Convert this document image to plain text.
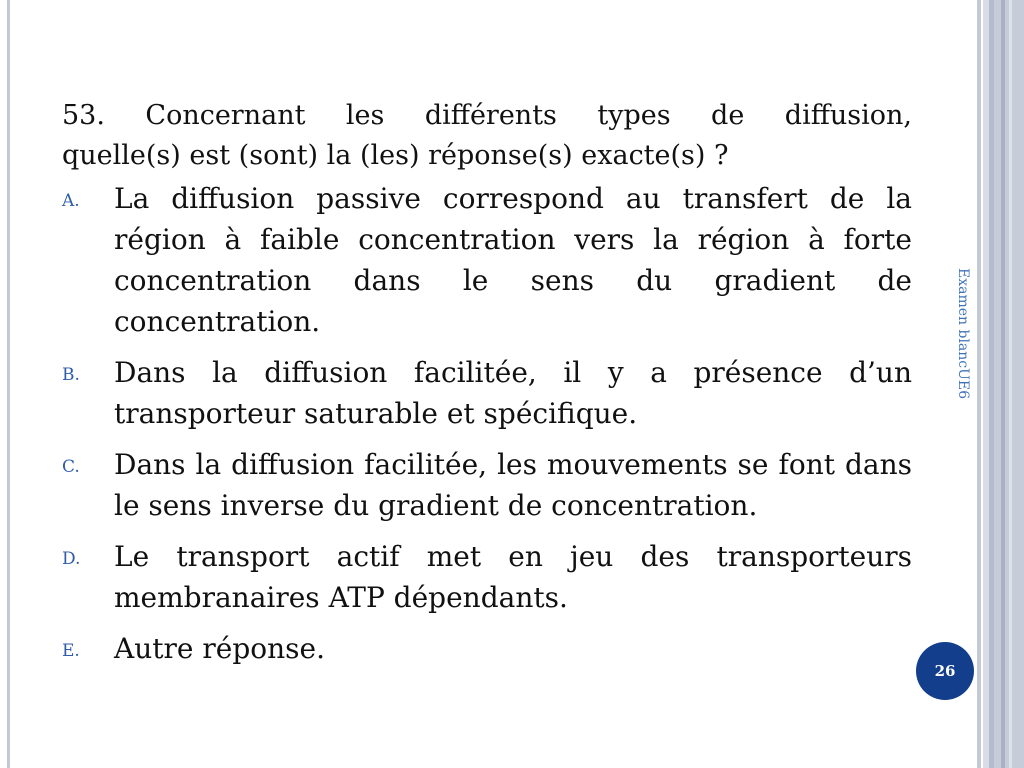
53. Concernant les différents types de diffusion,
quelle(s) est (sont) la (les) réponse(s) exacte(s) ?

A. La diffusion passive correspond au transfert de la région à faible concentration vers la région à forte concentration dans le sens du gradient de concentration.
B. Dans la diffusion facilitée, il y a présence d’un transporteur saturable et spécifique.
C. Dans la diffusion facilitée, les mouvements se font dans le sens inverse du gradient de concentration.
D. Le transport actif met en jeu des transporteurs membranaires ATP dépendants.
E. Autre réponse.
Examen blancUE6
26
